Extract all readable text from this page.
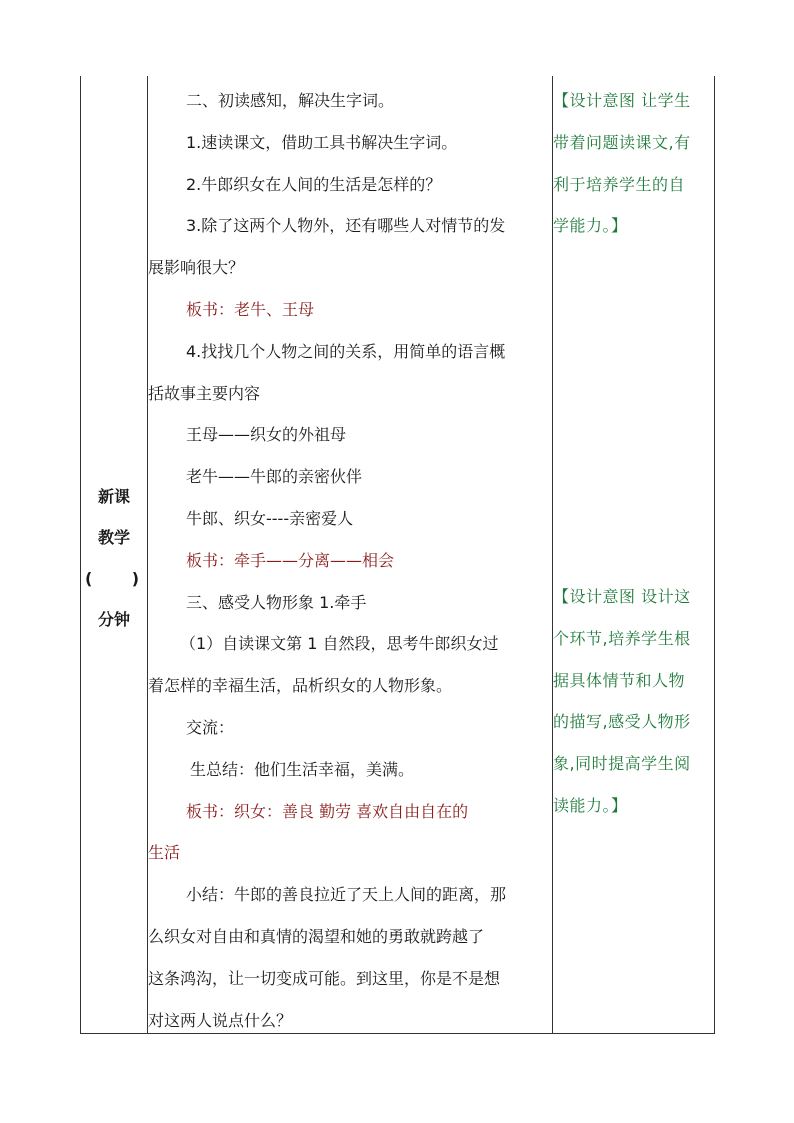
新课
教学
( )
分钟
二、初读感知，解决生字词。
1.速读课文，借助工具书解决生字词。
2.牛郎织女在人间的生活是怎样的？
3.除了这两个人物外，还有哪些人对情节的发
展影响很大？
板书：老牛、王母
4.找找几个人物之间的关系，用简单的语言概
括故事主要内容
王母——织女的外祖母
老牛——牛郎的亲密伙伴
牛郎、织女----亲密爱人
板书：牵手——分离——相会
三、感受人物形象 1.牵手
（1）自读课文第 1 自然段，思考牛郎织女过
着怎样的幸福生活，品析织女的人物形象。
交流：
生总结：他们生活幸福，美满。
板书：织女：善良 勤劳 喜欢自由自在的
生活
小结：牛郎的善良拉近了天上人间的距离，那
么织女对自由和真情的渴望和她的勇敢就跨越了
这条鸿沟，让一切变成可能。到这里，你是不是想
对这两人说点什么？
【设计意图 让学生
带着问题读课文,有
利于培养学生的自
学能力。】
【设计意图 设计这
个环节,培养学生根
据具体情节和人物
的描写,感受人物形
象,同时提高学生阅
读能力。】
